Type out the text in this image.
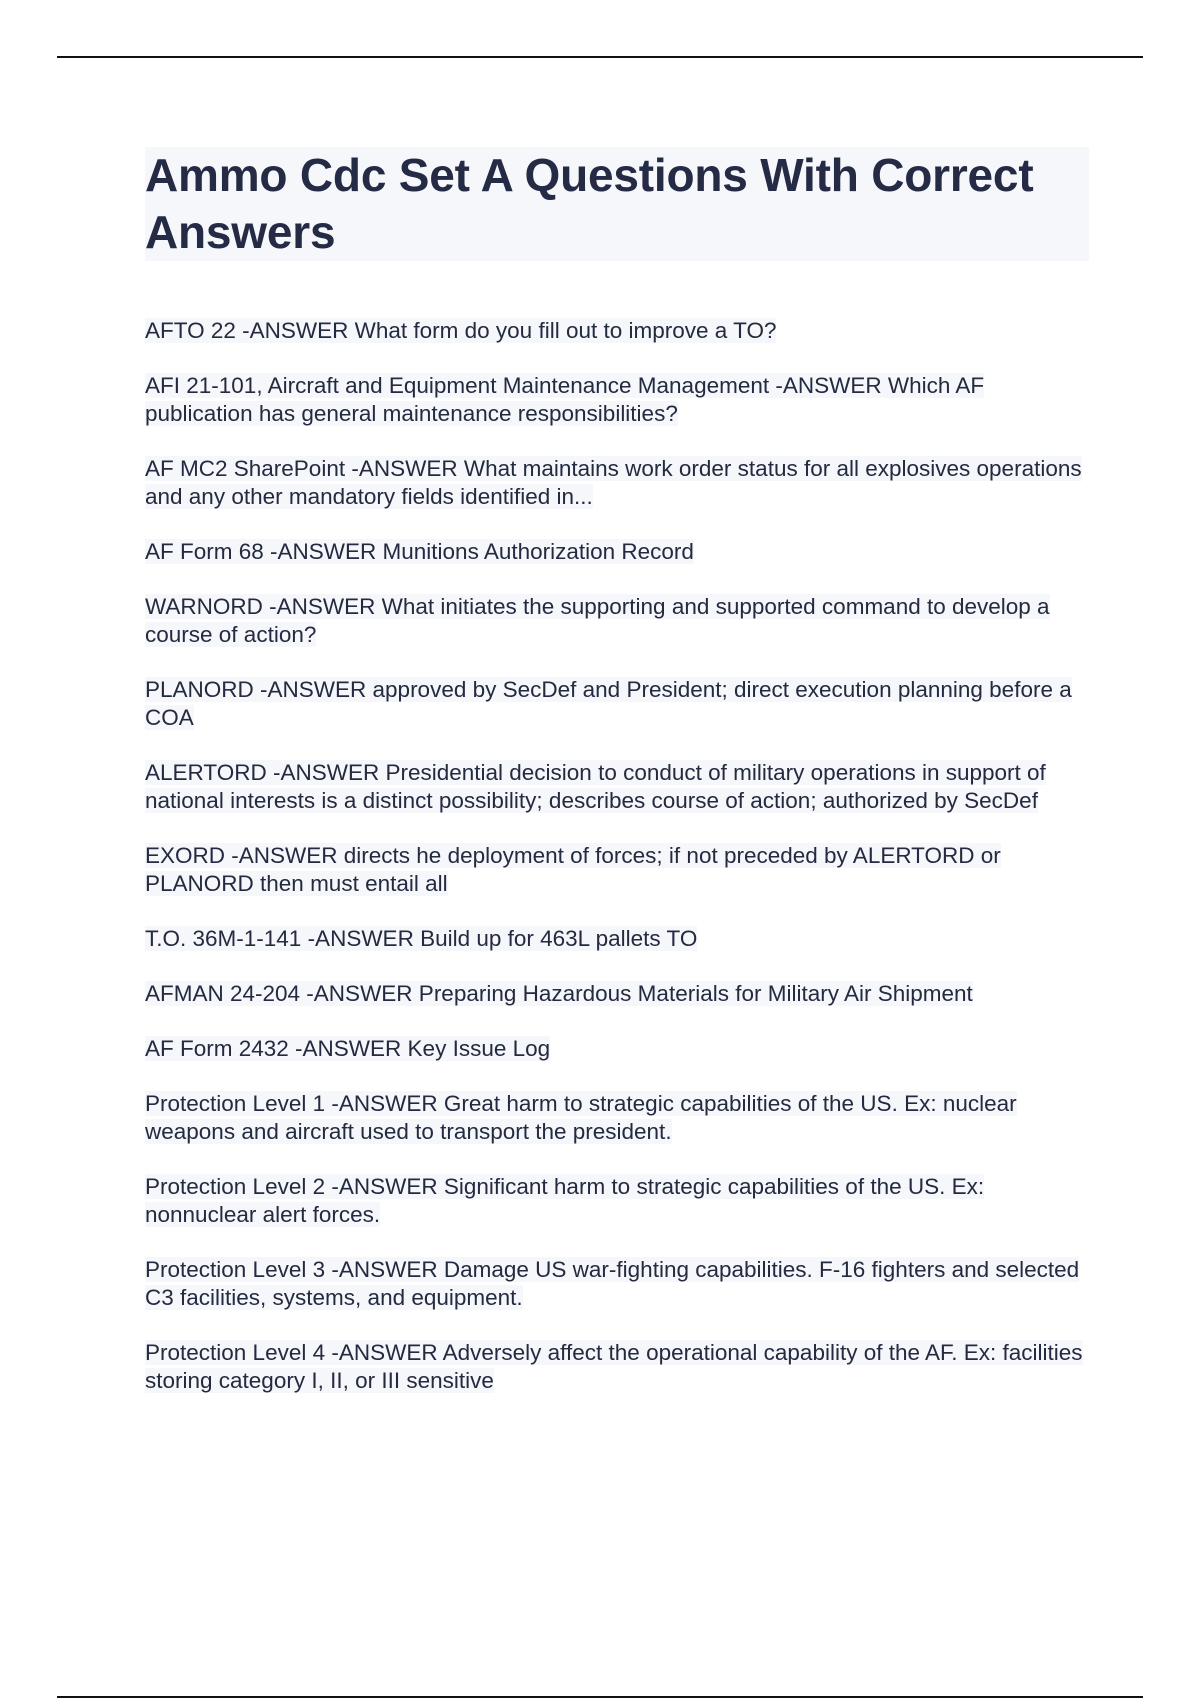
Ammo Cdc Set A Questions With Correct Answers

AFTO 22 -ANSWER What form do you fill out to improve a TO?

AFI 21-101, Aircraft and Equipment Maintenance Management -ANSWER Which AF publication has general maintenance responsibilities?

AF MC2 SharePoint -ANSWER What maintains work order status for all explosives operations and any other mandatory fields identified in...

AF Form 68 -ANSWER Munitions Authorization Record

WARNORD -ANSWER What initiates the supporting and supported command to develop a course of action?

PLANORD -ANSWER approved by SecDef and President; direct execution planning before a COA

ALERTORD -ANSWER Presidential decision to conduct of military operations in support of national interests is a distinct possibility; describes course of action; authorized by SecDef

EXORD -ANSWER directs he deployment of forces; if not preceded by ALERTORD or PLANORD then must entail all

T.O. 36M-1-141 -ANSWER Build up for 463L pallets TO

AFMAN 24-204 -ANSWER Preparing Hazardous Materials for Military Air Shipment

AF Form 2432 -ANSWER Key Issue Log

Protection Level 1 -ANSWER Great harm to strategic capabilities of the US. Ex: nuclear weapons and aircraft used to transport the president.

Protection Level 2 -ANSWER Significant harm to strategic capabilities of the US. Ex: nonnuclear alert forces.

Protection Level 3 -ANSWER Damage US war-fighting capabilities. F-16 fighters and selected C3 facilities, systems, and equipment.

Protection Level 4 -ANSWER Adversely affect the operational capability of the AF. Ex: facilities storing category I, II, or III sensitive
